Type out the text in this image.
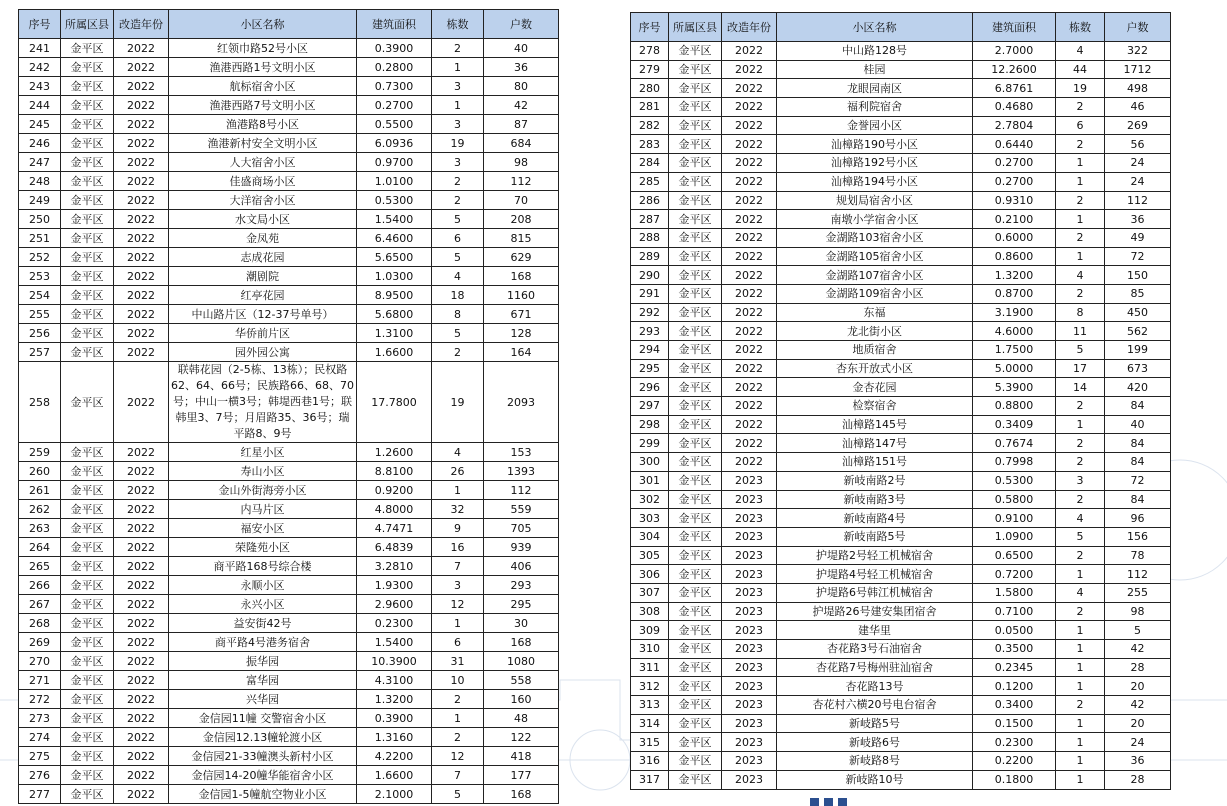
序号	所属区县	改造年份	小区名称	建筑面积	栋数	户数
241	金平区	2022	红领巾路52号小区	0.3900	2	40
242	金平区	2022	渔港西路1号文明小区	0.2800	1	36
243	金平区	2022	航标宿舍小区	0.7300	3	80
244	金平区	2022	渔港西路7号文明小区	0.2700	1	42
245	金平区	2022	渔港路8号小区	0.5500	3	87
246	金平区	2022	渔港新村安全文明小区	6.0936	19	684
247	金平区	2022	人大宿舍小区	0.9700	3	98
248	金平区	2022	佳盛商场小区	1.0100	2	112
249	金平区	2022	大洋宿舍小区	0.5300	2	70
250	金平区	2022	水文局小区	1.5400	5	208
251	金平区	2022	金凤苑	6.4600	6	815
252	金平区	2022	志成花园	5.6500	5	629
253	金平区	2022	潮剧院	1.0300	4	168
254	金平区	2022	红亭花园	8.9500	18	1160
255	金平区	2022	中山路片区（12-37号单号）	5.6800	8	671
256	金平区	2022	华侨前片区	1.3100	5	128
257	金平区	2022	园外园公寓	1.6600	2	164
258	金平区	2022	联韩花园（2-5栋、13栋）；民权路62、64、66号；民族路66、68、70号；中山一横3号；韩堤西巷1号；联韩里3、7号；月眉路35、36号；瑞平路8、9号	17.7800	19	2093
259	金平区	2022	红星小区	1.2600	4	153
260	金平区	2022	寿山小区	8.8100	26	1393
261	金平区	2022	金山外街海旁小区	0.9200	1	112
262	金平区	2022	内马片区	4.8000	32	559
263	金平区	2022	福安小区	4.7471	9	705
264	金平区	2022	荣隆苑小区	6.4839	16	939
265	金平区	2022	商平路168号综合楼	3.2810	7	406
266	金平区	2022	永顺小区	1.9300	3	293
267	金平区	2022	永兴小区	2.9600	12	295
268	金平区	2022	益安街42号	0.2300	1	30
269	金平区	2022	商平路4号港务宿舍	1.5400	6	168
270	金平区	2022	振华园	10.3900	31	1080
271	金平区	2022	富华园	4.3100	10	558
272	金平区	2022	兴华园	1.3200	2	160
273	金平区	2022	金信园11幢 交警宿舍小区	0.3900	1	48
274	金平区	2022	金信园12.13幢轮渡小区	1.3160	2	122
275	金平区	2022	金信园21-33幢澳头新村小区	4.2200	12	418
276	金平区	2022	金信园14-20幢华能宿舍小区	1.6600	7	177
277	金平区	2022	金信园1-5幢航空物业小区	2.1000	5	168
序号	所属区县	改造年份	小区名称	建筑面积	栋数	户数
278	金平区	2022	中山路128号	2.7000	4	322
279	金平区	2022	桂园	12.2600	44	1712
280	金平区	2022	龙眼园南区	6.8761	19	498
281	金平区	2022	福利院宿舍	0.4680	2	46
282	金平区	2022	金誉园小区	2.7804	6	269
283	金平区	2022	汕樟路190号小区	0.6440	2	56
284	金平区	2022	汕樟路192号小区	0.2700	1	24
285	金平区	2022	汕樟路194号小区	0.2700	1	24
286	金平区	2022	规划局宿舍小区	0.9310	2	112
287	金平区	2022	南墩小学宿舍小区	0.2100	1	36
288	金平区	2022	金湖路103宿舍小区	0.6000	2	49
289	金平区	2022	金湖路105宿舍小区	0.8600	1	72
290	金平区	2022	金湖路107宿舍小区	1.3200	4	150
291	金平区	2022	金湖路109宿舍小区	0.8700	2	85
292	金平区	2022	东福	3.1900	8	450
293	金平区	2022	龙北街小区	4.6000	11	562
294	金平区	2022	地质宿舍	1.7500	5	199
295	金平区	2022	杏东开放式小区	5.0000	17	673
296	金平区	2022	金杏花园	5.3900	14	420
297	金平区	2022	检察宿舍	0.8800	2	84
298	金平区	2022	汕樟路145号	0.3409	1	40
299	金平区	2022	汕樟路147号	0.7674	2	84
300	金平区	2022	汕樟路151号	0.7998	2	84
301	金平区	2023	新岐南路2号	0.5300	3	72
302	金平区	2023	新岐南路3号	0.5800	2	84
303	金平区	2023	新岐南路4号	0.9100	4	96
304	金平区	2023	新岐南路5号	1.0900	5	156
305	金平区	2023	护堤路2号轻工机械宿舍	0.6500	2	78
306	金平区	2023	护堤路4号轻工机械宿舍	0.7200	1	112
307	金平区	2023	护堤路6号韩江机械宿舍	1.5800	4	255
308	金平区	2023	护堤路26号建安集团宿舍	0.7100	2	98
309	金平区	2023	建华里	0.0500	1	5
310	金平区	2023	杏花路3号石油宿舍	0.3500	1	42
311	金平区	2023	杏花路7号梅州驻汕宿舍	0.2345	1	28
312	金平区	2023	杏花路13号	0.1200	1	20
313	金平区	2023	杏花村六横20号电台宿舍	0.3400	2	42
314	金平区	2023	新岐路5号	0.1500	1	20
315	金平区	2023	新岐路6号	0.2300	1	24
316	金平区	2023	新岐路8号	0.2200	1	36
317	金平区	2023	新岐路10号	0.1800	1	28
